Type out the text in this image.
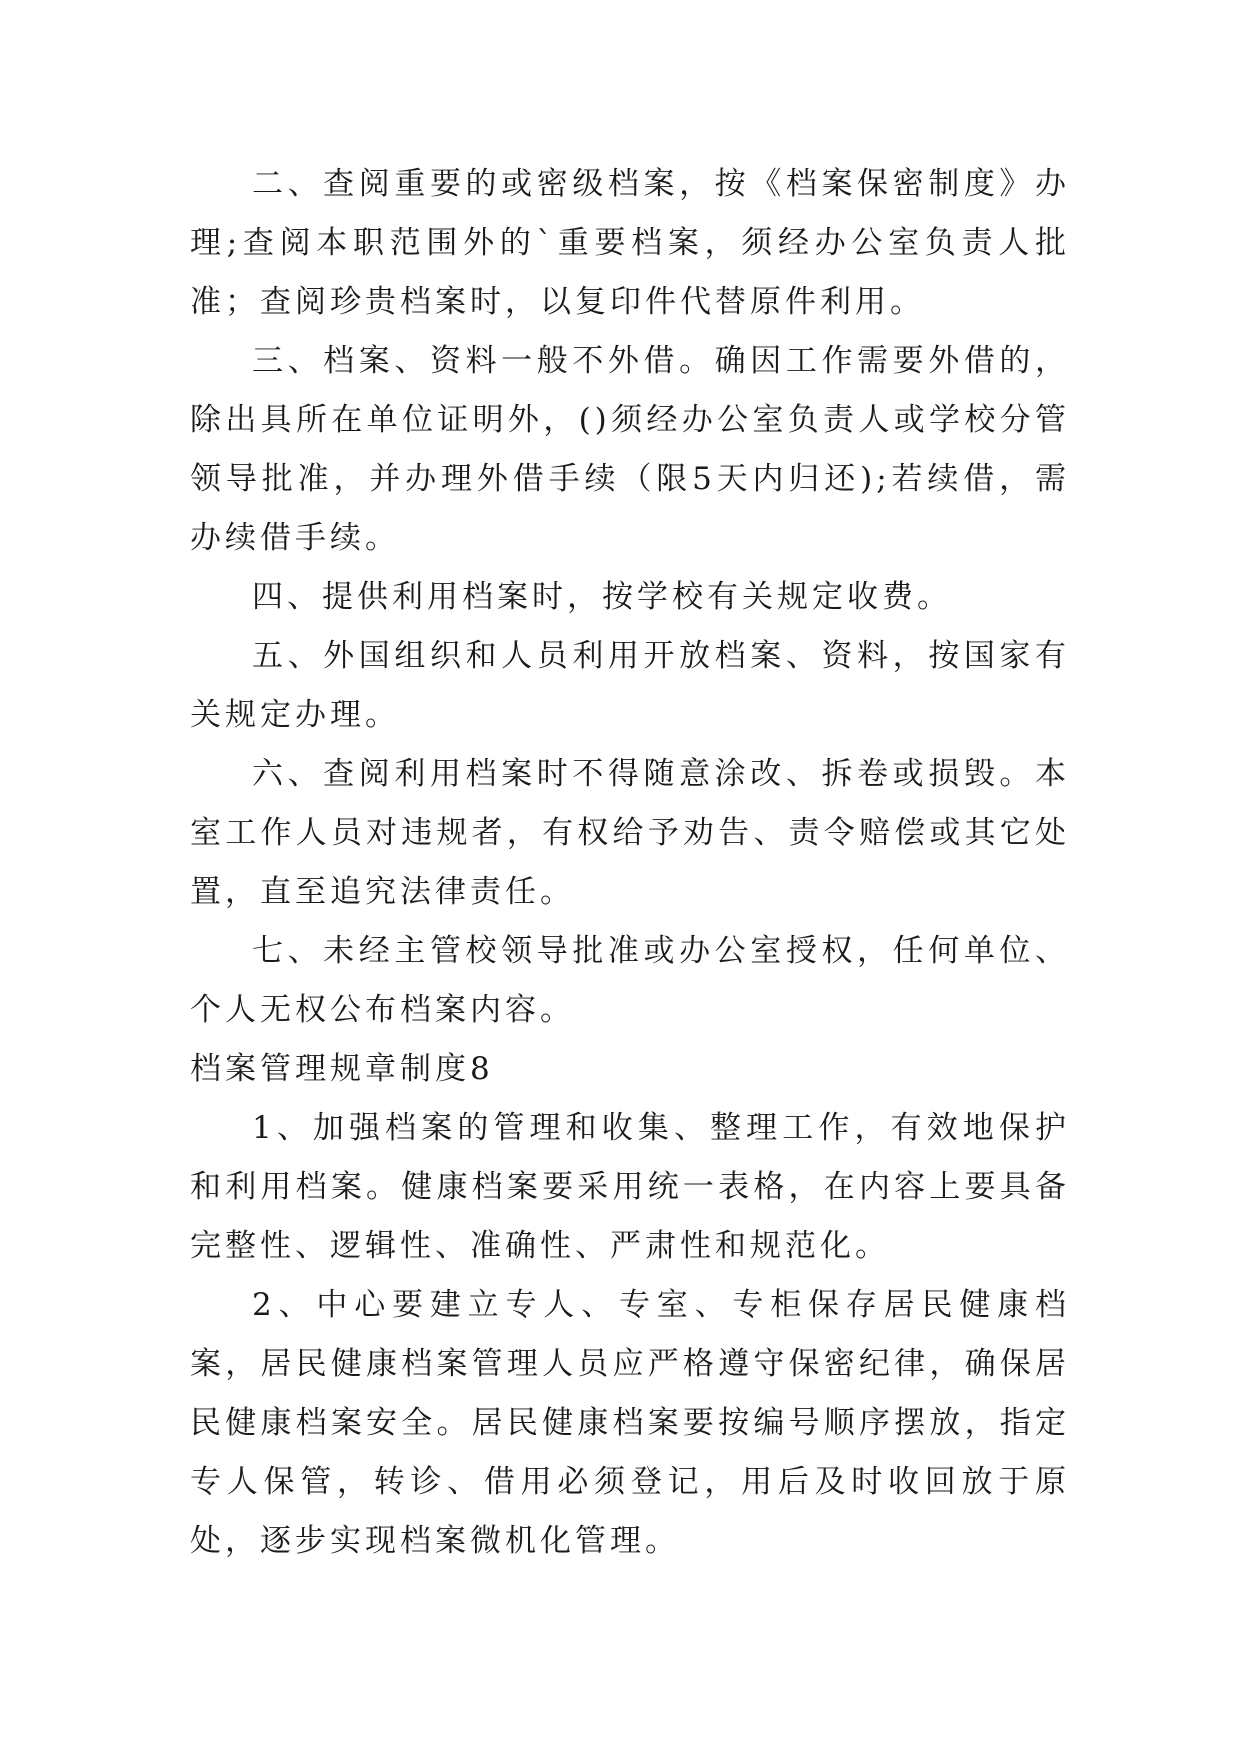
二、查阅重要的或密级档案，按《档案保密制度》办理;查阅本职范围外的`重要档案，须经办公室负责人批准；查阅珍贵档案时，以复印件代替原件利用。

三、档案、资料一般不外借。确因工作需要外借的，除出具所在单位证明外，()须经办公室负责人或学校分管领导批准，并办理外借手续（限5天内归还);若续借，需办续借手续。

四、提供利用档案时，按学校有关规定收费。

五、外国组织和人员利用开放档案、资料，按国家有关规定办理。

六、查阅利用档案时不得随意涂改、拆卷或损毁。本室工作人员对违规者，有权给予劝告、责令赔偿或其它处置，直至追究法律责任。

七、未经主管校领导批准或办公室授权，任何单位、个人无权公布档案内容。

档案管理规章制度8

1、加强档案的管理和收集、整理工作，有效地保护和利用档案。健康档案要采用统一表格，在内容上要具备完整性、逻辑性、准确性、严肃性和规范化。

2、中心要建立专人、专室、专柜保存居民健康档案，居民健康档案管理人员应严格遵守保密纪律，确保居民健康档案安全。居民健康档案要按编号顺序摆放，指定专人保管，转诊、借用必须登记，用后及时收回放于原处，逐步实现档案微机化管理。
